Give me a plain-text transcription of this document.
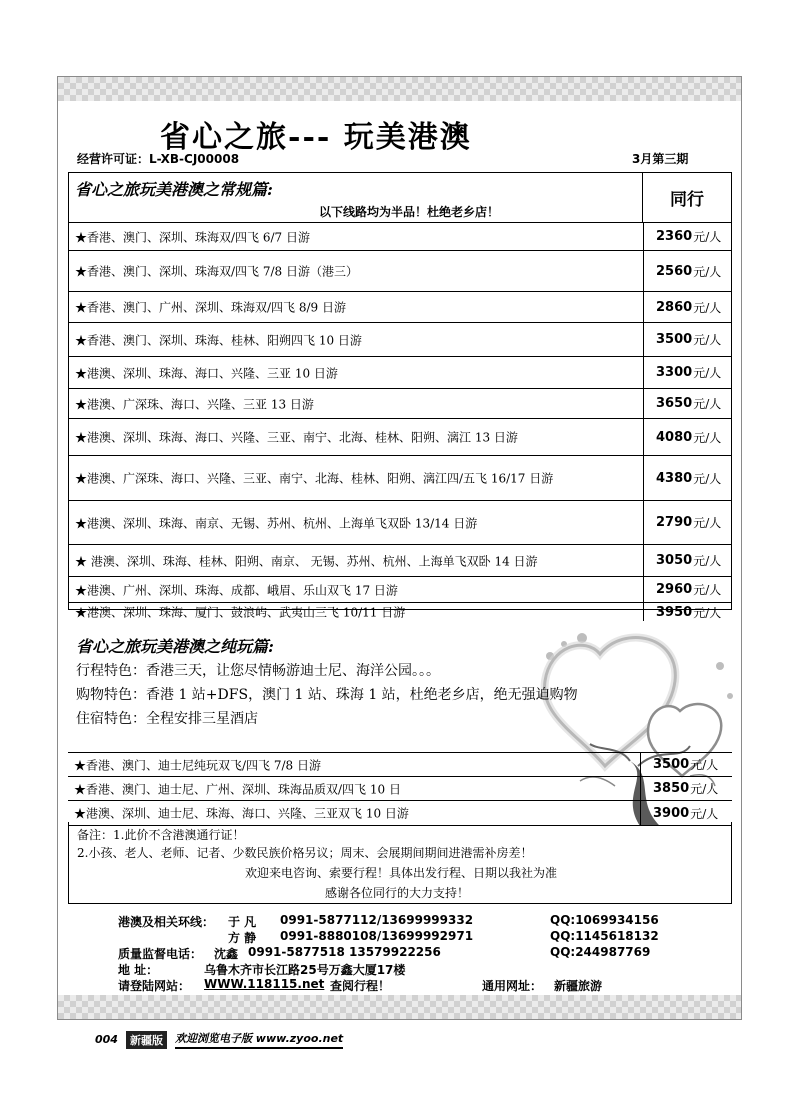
省心之旅--- 玩美港澳
经营许可证：L-XB-CJ00008	3月第三期
省心之旅玩美港澳之常规篇:
以下线路均为半品！杜绝老乡店！
同行
★香港、澳门、深圳、珠海双/四飞 6/7 日游	2360 元/人
★香港、澳门、深圳、珠海双/四飞 7/8 日游（港三）	2560 元/人
★香港、澳门、广州、深圳、珠海双/四飞 8/9 日游	2860 元/人
★香港、澳门、深圳、珠海、桂林、阳朔四飞 10 日游	3500 元/人
★港澳、深圳、珠海、海口、兴隆、三亚 10 日游	3300 元/人
★港澳、广深珠、海口、兴隆、三亚 13 日游	3650 元/人
★港澳、深圳、珠海、海口、兴隆、三亚、南宁、北海、桂林、阳朔、漓江 13 日游	4080 元/人
★港澳、广深珠、海口、兴隆、三亚、南宁、北海、桂林、阳朔、漓江四/五飞 16/17 日游	4380 元/人
★港澳、深圳、珠海、南京、无锡、苏州、杭州、上海单飞双卧 13/14 日游	2790 元/人
★ 港澳、深圳、珠海、桂林、阳朔、南京、 无锡、苏州、杭州、上海单飞双卧 14 日游	3050 元/人
★港澳、广州、深圳、珠海、成都、峨眉、乐山双飞 17 日游	2960 元/人
★港澳、深圳、珠海、厦门、鼓浪屿、武夷山三飞 10/11 日游	3950 元/人
省心之旅玩美港澳之纯玩篇:
行程特色：香港三天，让您尽情畅游迪士尼、海洋公园。。。
购物特色：香港 1 站+DFS，澳门 1 站、珠海 1 站，杜绝老乡店，绝无强迫购物
住宿特色：全程安排三星酒店
★香港、澳门、迪士尼纯玩双飞/四飞 7/8 日游	3500 元/人
★香港、澳门、迪士尼、广州、深圳、珠海品质双/四飞 10 日	3850 元/人
★港澳、深圳、迪士尼、珠海、海口、兴隆、三亚双飞 10 日游	3900 元/人
备注：1.此价不含港澳通行证！
2.小孩、老人、老师、记者、少数民族价格另议；周末、会展期间期间进港需补房差！
欢迎来电咨询、索要行程！具体出发行程、日期以我社为准
感谢各位同行的大力支持！
港澳及相关环线： 于 凡 0991-5877112/13699999332	QQ:1069934156
方 静 0991-8880108/13699992971	QQ:1145618132
质量监督电话： 沈鑫 0991-5877518 13579922256	QQ:244987769
地 址：	乌鲁木齐市长江路25号万鑫大厦17楼
请登陆网站： WWW.118115.net 查阅行程！	通用网址： 新疆旅游
004	新疆版	欢迎浏览电子版 www.zyoo.net
